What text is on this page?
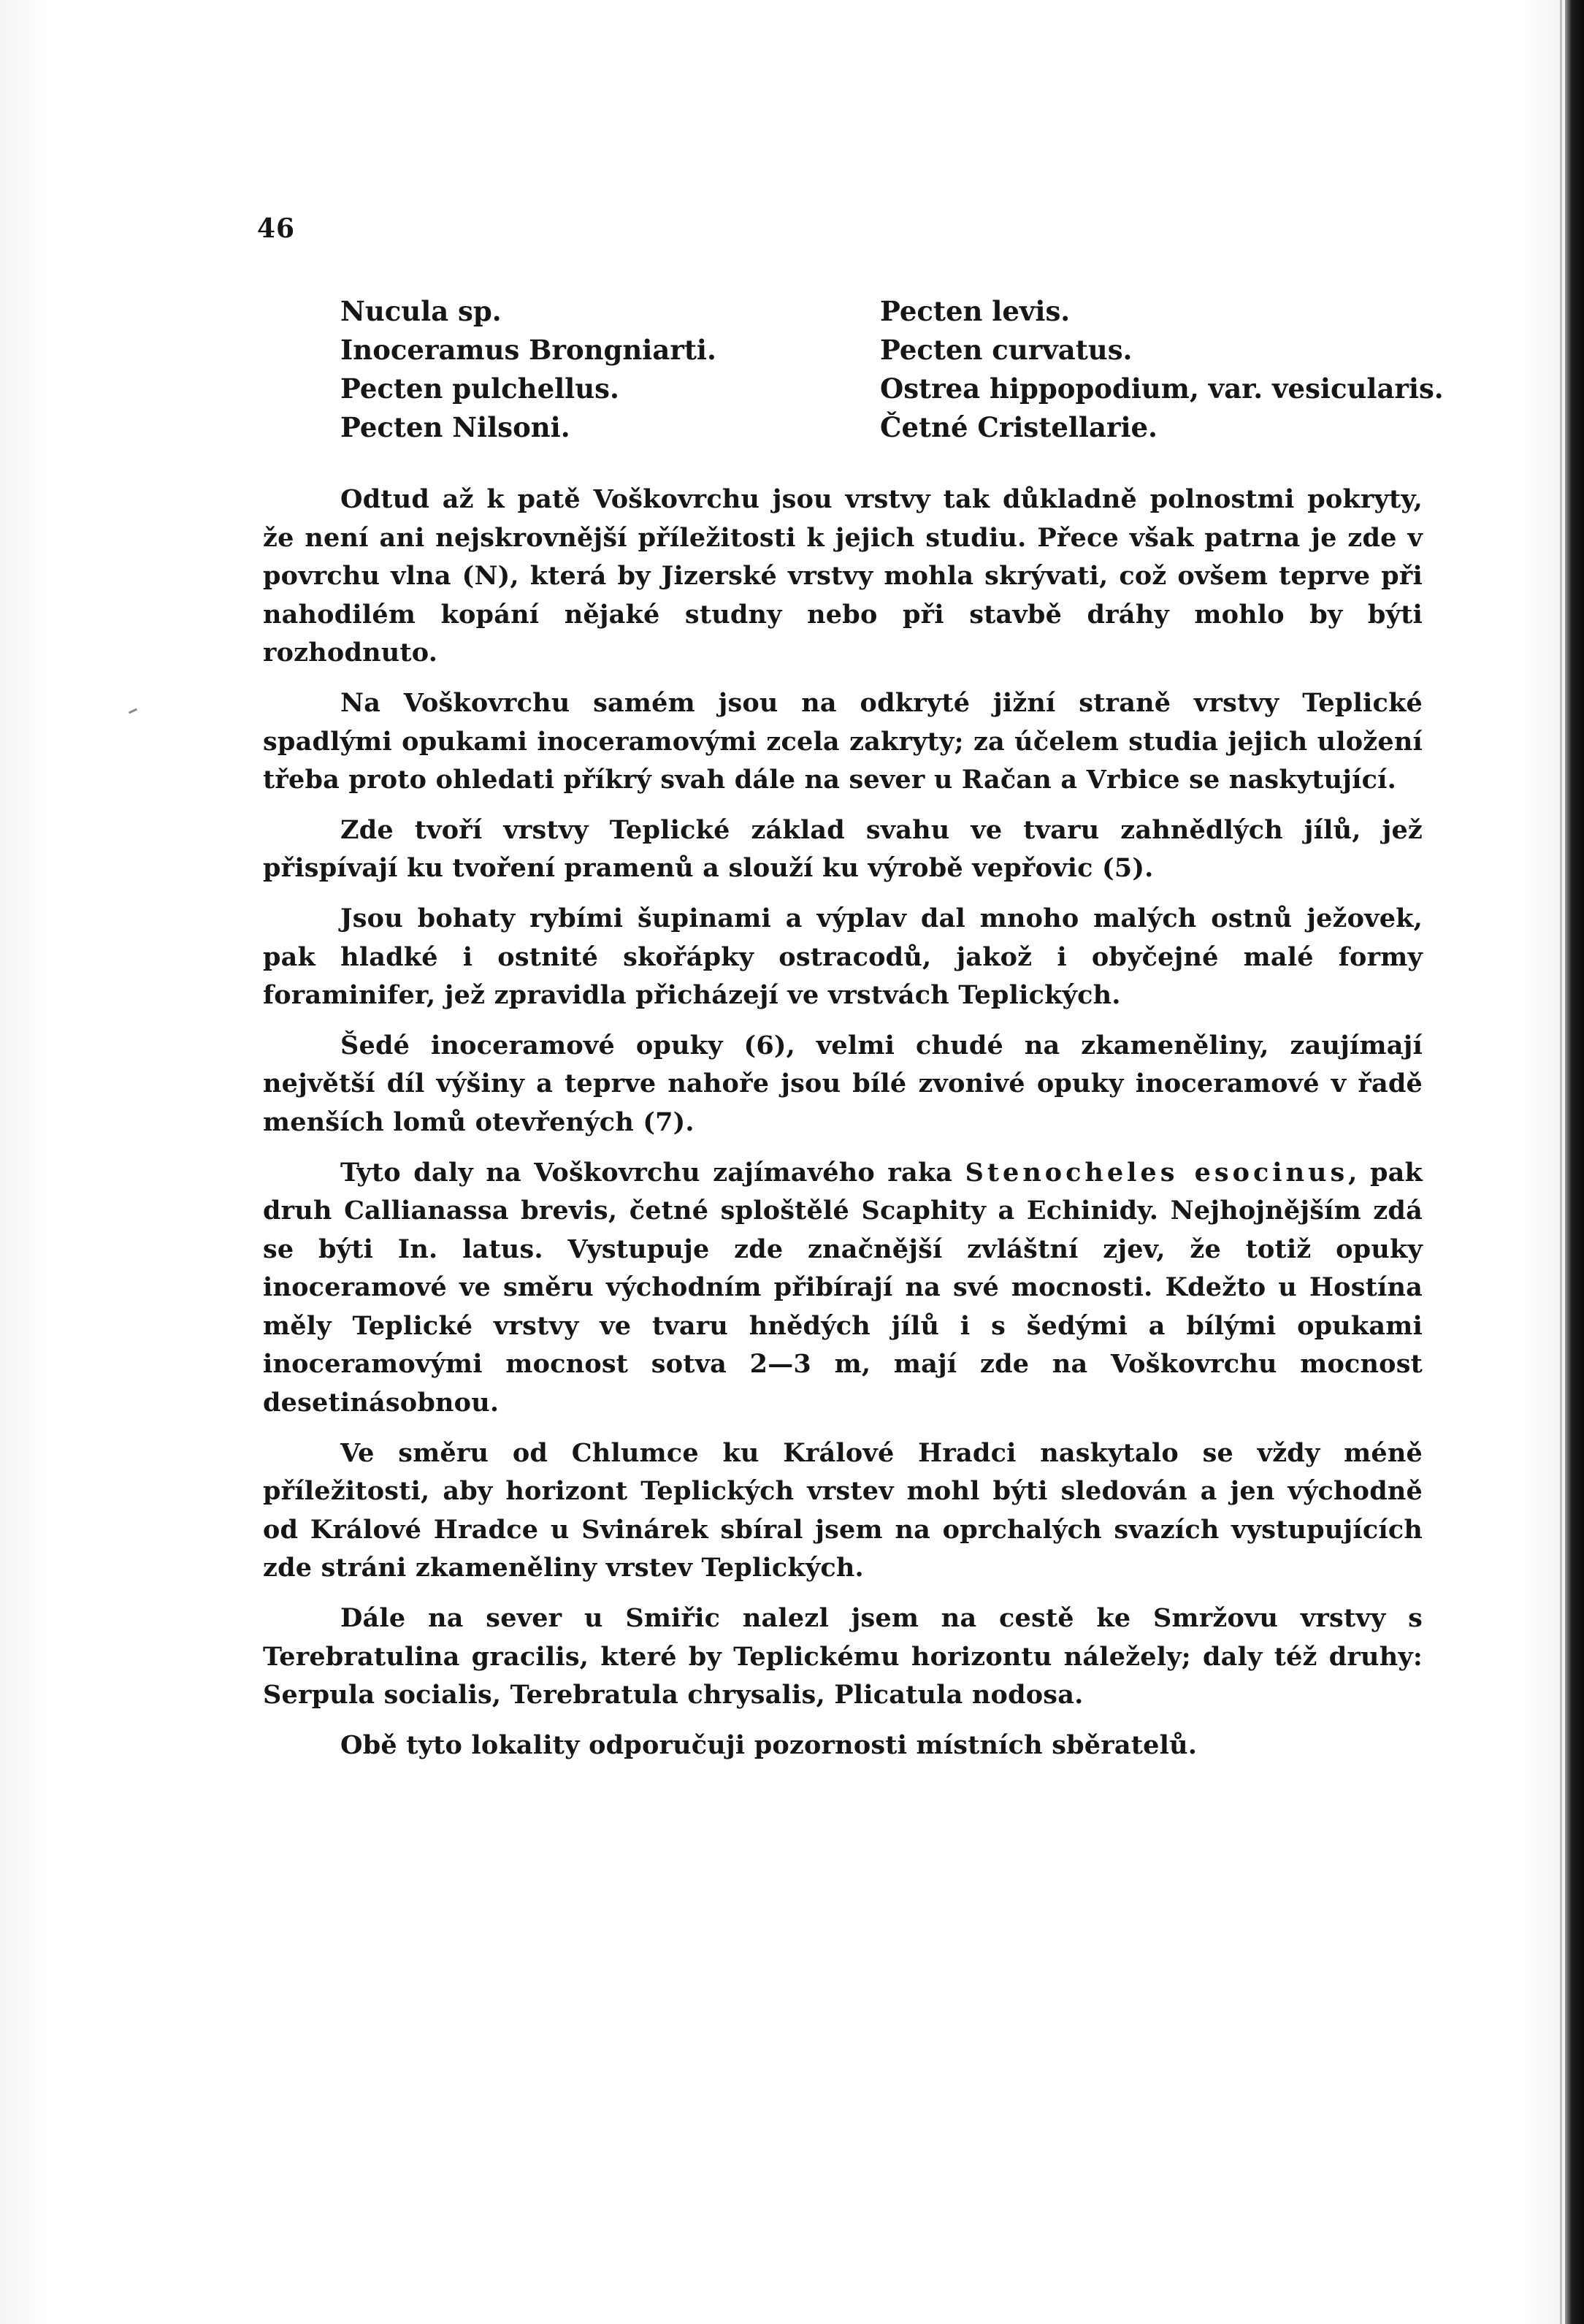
46
Nucula sp.
Inoceramus Brongniarti.
Pecten pulchellus.
Pecten Nilsoni.
Pecten levis.
Pecten curvatus.
Ostrea hippopodium, var. vesicularis.
Četné Cristellarie.

Odtud až k patě Voškovrchu jsou vrstvy tak důkladně polnostmi pokryty, že není ani nejskrovnější příležitosti k jejich studiu. Přece však patrna je zde v povrchu vlna (N), která by Jizerské vrstvy mohla skrývati, což ovšem teprve při nahodilém kopání nějaké studny nebo při stavbě dráhy mohlo by býti rozhodnuto.

Na Voškovrchu samém jsou na odkryté jižní straně vrstvy Teplické spadlými opukami inoceramovými zcela zakryty; za účelem studia jejich uložení třeba proto ohledati příkrý svah dále na sever u Račan a Vrbice se naskytující.

Zde tvoří vrstvy Teplické základ svahu ve tvaru zahnědlých jílů, jež přispívají ku tvoření pramenů a slouží ku výrobě vepřovic (5).

Jsou bohaty rybími šupinami a výplav dal mnoho malých ostnů ježovek, pak hladké i ostnité skořápky ostracodů, jakož i obyčejné malé formy foraminifer, jež zpravidla přicházejí ve vrstvách Teplických.

Šedé inoceramové opuky (6), velmi chudé na zkameněliny, zaujímají největší díl výšiny a teprve nahoře jsou bílé zvonivé opuky inoceramové v řadě menších lomů otevřených (7).

Tyto daly na Voškovrchu zajímavého raka Stenocheles esocinus, pak druh Callianassa brevis, četné sploštělé Scaphity a Echinidy. Nejhojnějším zdá se býti In. latus. Vystupuje zde značnější zvláštní zjev, že totiž opuky inoceramové ve směru východním přibírají na své mocnosti. Kdežto u Hostína měly Teplické vrstvy ve tvaru hnědých jílů i s šedými a bílými opukami inoceramovými mocnost sotva 2—3 m, mají zde na Voškovrchu mocnost desetinásobnou.

Ve směru od Chlumce ku Králové Hradci naskytalo se vždy méně příležitosti, aby horizont Teplických vrstev mohl býti sledován a jen východně od Králové Hradce u Svinárek sbíral jsem na oprchalých svazích vystupujících zde stráni zkameněliny vrstev Teplických.

Dále na sever u Smiřic nalezl jsem na cestě ke Smržovu vrstvy s Terebratulina gracilis, které by Teplickému horizontu náležely; daly též druhy: Serpula socialis, Terebratula chrysalis, Plicatula nodosa.

Obě tyto lokality odporučuji pozornosti místních sběratelů.
